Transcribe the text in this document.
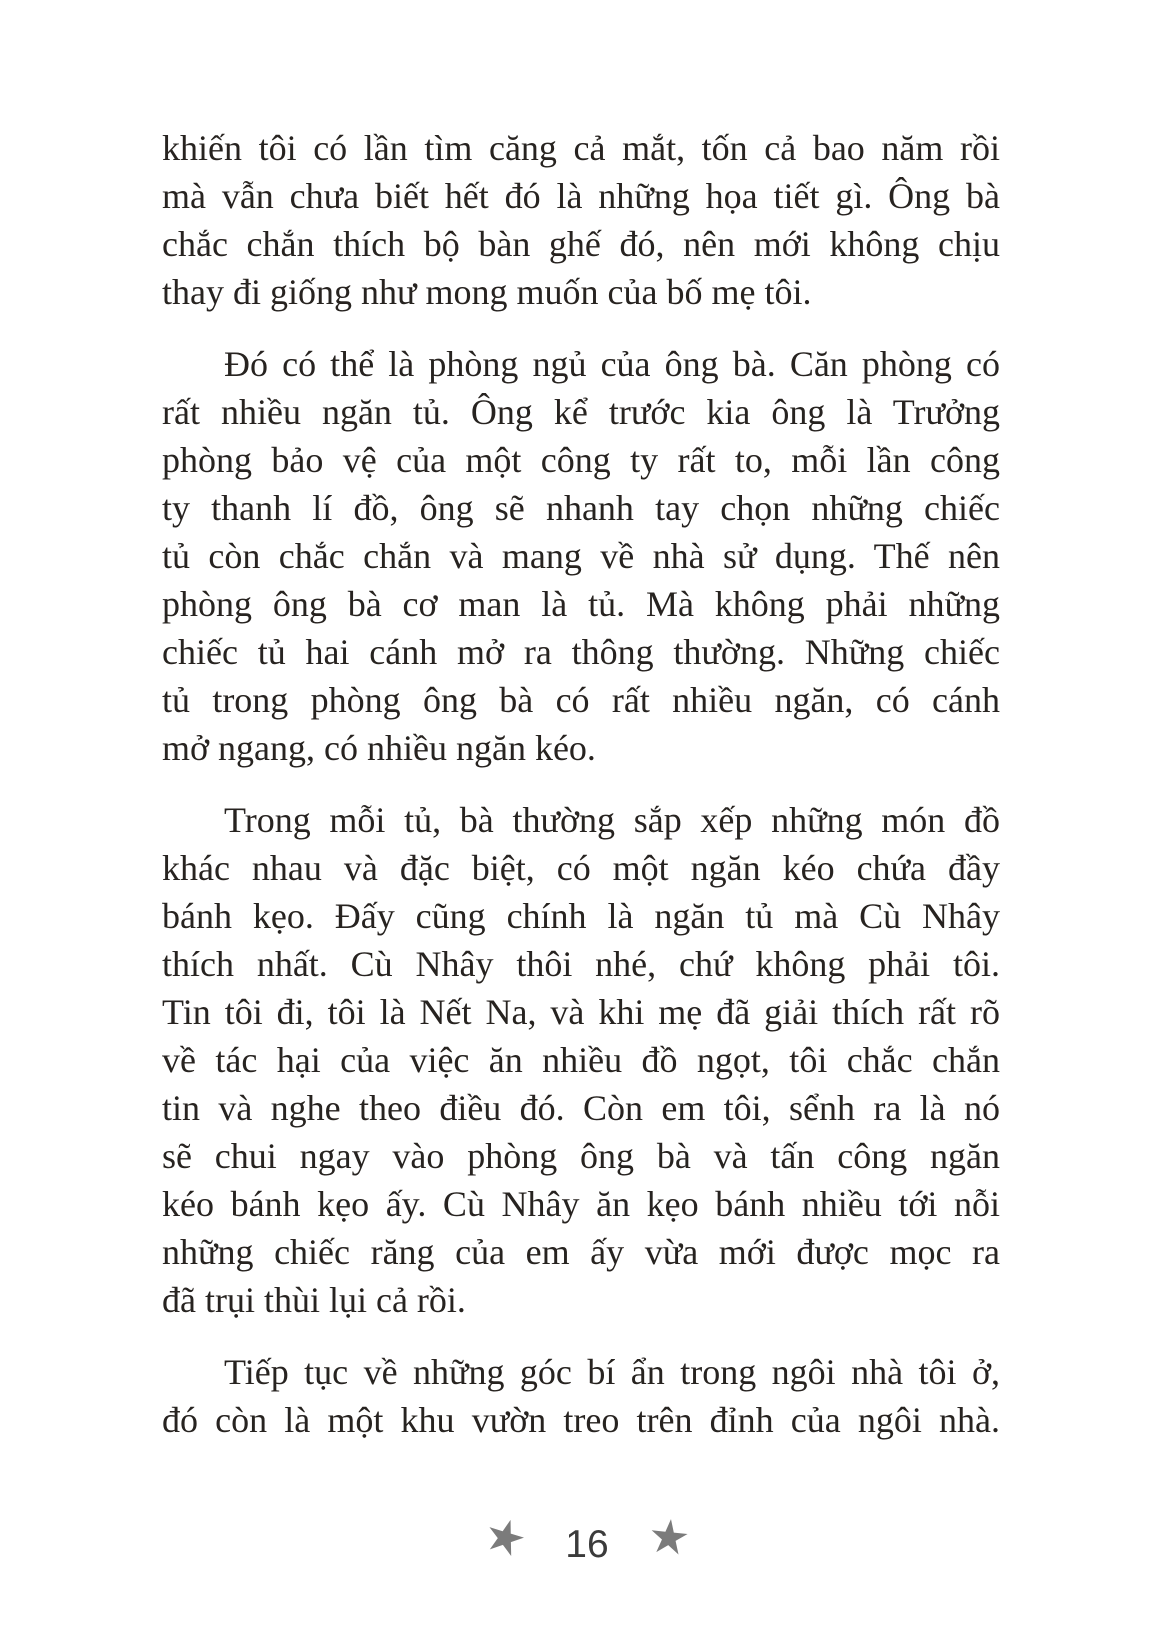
khiến tôi có lần tìm căng cả mắt, tốn cả bao năm rồi
mà vẫn chưa biết hết đó là những họa tiết gì. Ông bà
chắc chắn thích bộ bàn ghế đó, nên mới không chịu
thay đi giống như mong muốn của bố mẹ tôi.
Đó có thể là phòng ngủ của ông bà. Căn phòng có
rất nhiều ngăn tủ. Ông kể trước kia ông là Trưởng
phòng bảo vệ của một công ty rất to, mỗi lần công
ty thanh lí đồ, ông sẽ nhanh tay chọn những chiếc
tủ còn chắc chắn và mang về nhà sử dụng. Thế nên
phòng ông bà cơ man là tủ. Mà không phải những
chiếc tủ hai cánh mở ra thông thường. Những chiếc
tủ trong phòng ông bà có rất nhiều ngăn, có cánh
mở ngang, có nhiều ngăn kéo.
Trong mỗi tủ, bà thường sắp xếp những món đồ
khác nhau và đặc biệt, có một ngăn kéo chứa đầy
bánh kẹo. Đấy cũng chính là ngăn tủ mà Cù Nhây
thích nhất. Cù Nhây thôi nhé, chứ không phải tôi.
Tin tôi đi, tôi là Nết Na, và khi mẹ đã giải thích rất rõ
về tác hại của việc ăn nhiều đồ ngọt, tôi chắc chắn
tin và nghe theo điều đó. Còn em tôi, sểnh ra là nó
sẽ chui ngay vào phòng ông bà và tấn công ngăn
kéo bánh kẹo ấy. Cù Nhây ăn kẹo bánh nhiều tới nỗi
những chiếc răng của em ấy vừa mới được mọc ra
đã trụi thùi lụi cả rồi.
Tiếp tục về những góc bí ẩn trong ngôi nhà tôi ở,
đó còn là một khu vườn treo trên đỉnh của ngôi nhà.
16
